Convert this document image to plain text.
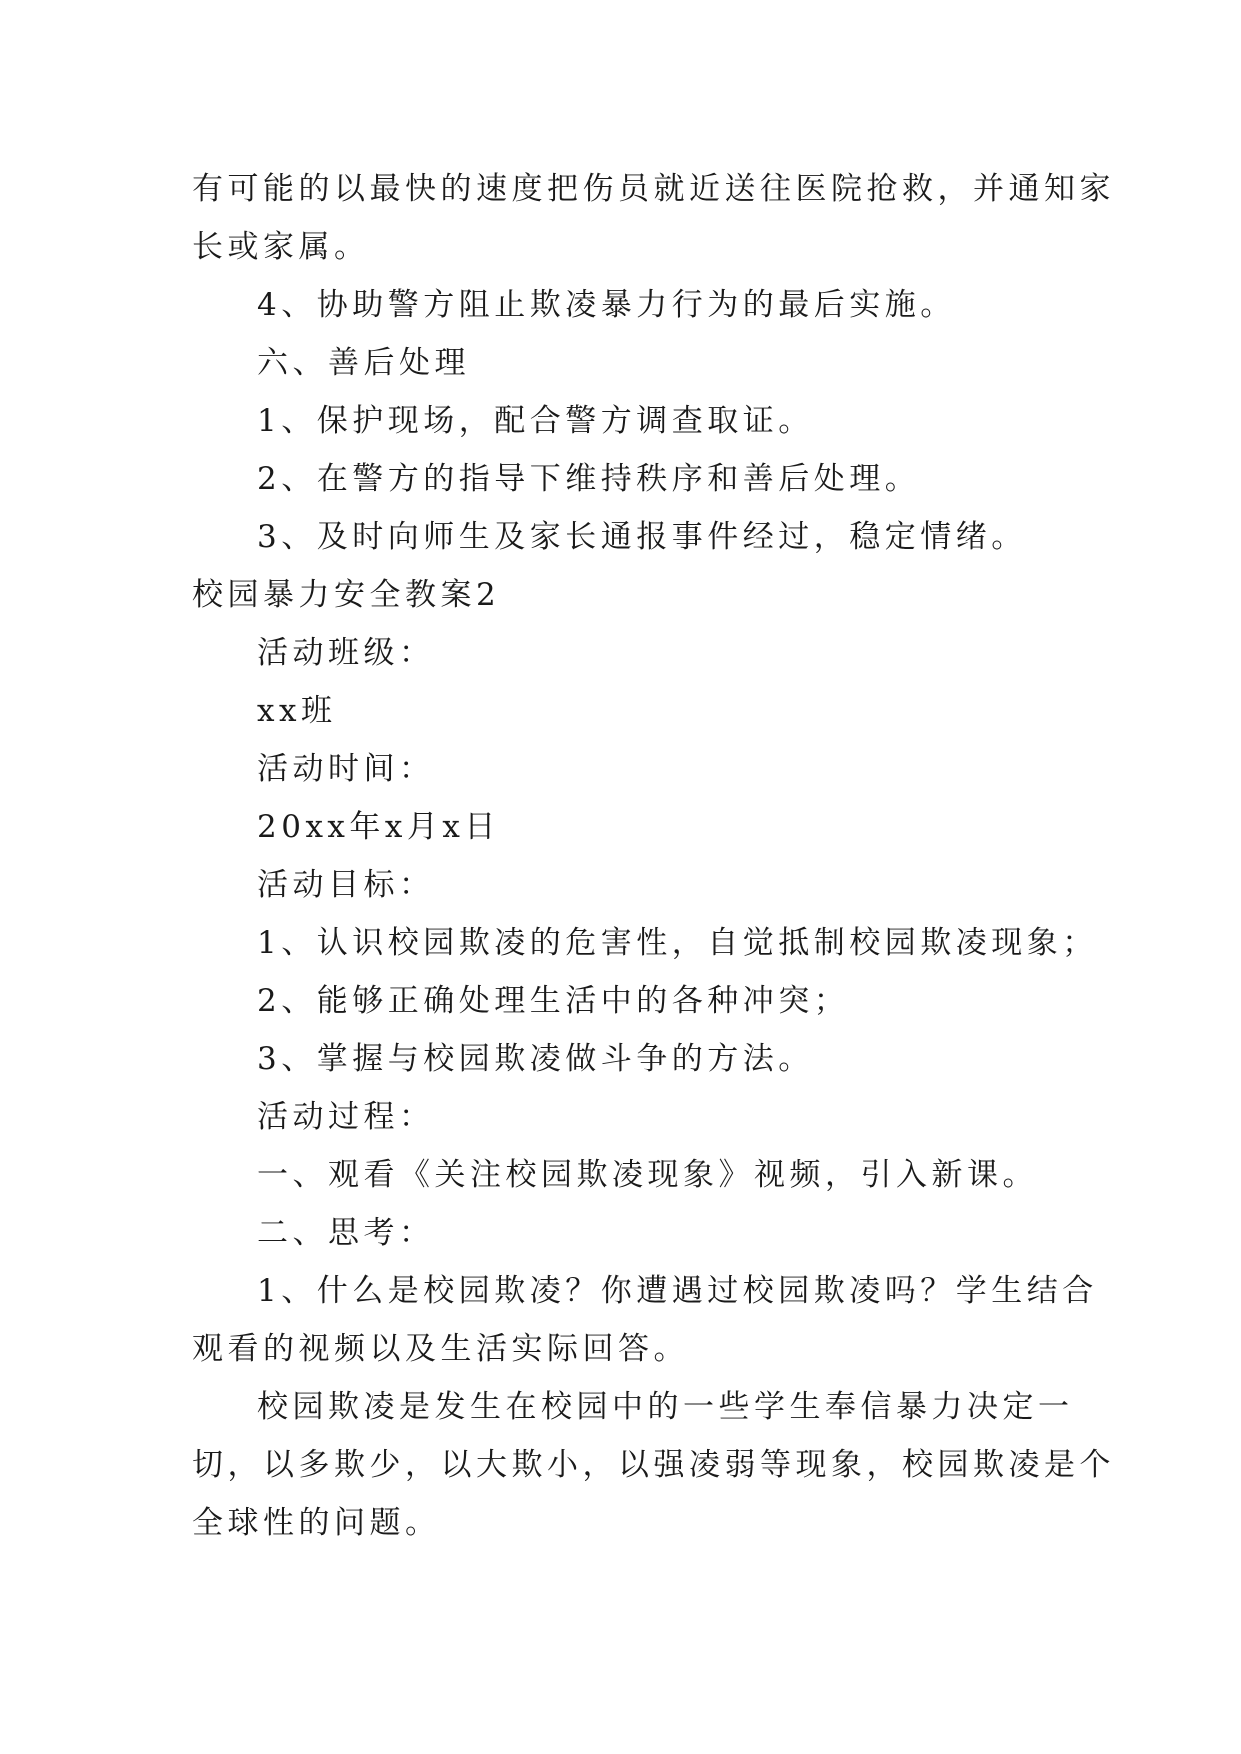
有可能的以最快的速度把伤员就近送往医院抢救，并通知家
长或家属。
4、协助警方阻止欺凌暴力行为的最后实施。
六、善后处理
1、保护现场，配合警方调查取证。
2、在警方的指导下维持秩序和善后处理。
3、及时向师生及家长通报事件经过，稳定情绪。
校园暴力安全教案2
活动班级：
xx班
活动时间：
20xx年x月x日
活动目标：
1、认识校园欺凌的危害性，自觉抵制校园欺凌现象；
2、能够正确处理生活中的各种冲突；
3、掌握与校园欺凌做斗争的方法。
活动过程：
一、观看《关注校园欺凌现象》视频，引入新课。
二、思考：
1、什么是校园欺凌？你遭遇过校园欺凌吗？学生结合
观看的视频以及生活实际回答。
校园欺凌是发生在校园中的一些学生奉信暴力决定一
切，以多欺少，以大欺小，以强凌弱等现象，校园欺凌是个
全球性的问题。
